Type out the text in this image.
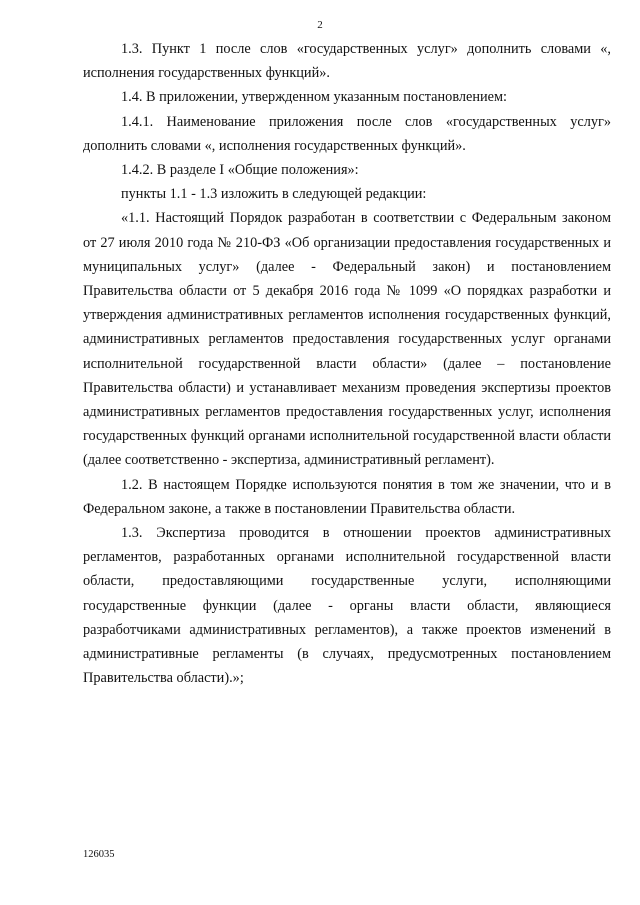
2

1.3. Пункт 1 после слов «государственных услуг» дополнить словами «, исполнения государственных функций».

1.4. В приложении, утвержденном указанным постановлением:

1.4.1. Наименование приложения после слов «государственных услуг» дополнить словами «, исполнения государственных функций».

1.4.2. В разделе I «Общие положения»:

пункты 1.1 - 1.3 изложить в следующей редакции:

«1.1. Настоящий Порядок разработан в соответствии с Федеральным законом от 27 июля 2010 года № 210-ФЗ «Об организации предоставления государственных и муниципальных услуг» (далее - Федеральный закон) и постановлением Правительства области от 5 декабря 2016 года № 1099 «О порядках разработки и утверждения административных регламентов исполнения государственных функций, административных регламентов предоставления государственных услуг органами исполнительной государственной власти области» (далее – постановление Правительства области) и устанавливает механизм проведения экспертизы проектов административных регламентов предоставления государственных услуг, исполнения государственных функций органами исполнительной государственной власти области (далее соответственно - экспертиза, административный регламент).

1.2. В настоящем Порядке используются понятия в том же значении, что и в Федеральном законе, а также в постановлении Правительства области.

1.3. Экспертиза проводится в отношении проектов административных регламентов, разработанных органами исполнительной государственной власти области, предоставляющими государственные услуги, исполняющими государственные функции (далее - органы власти области, являющиеся разработчиками административных регламентов), а также проектов изменений в административные регламенты (в случаях, предусмотренных постановлением Правительства области).»;

126035
